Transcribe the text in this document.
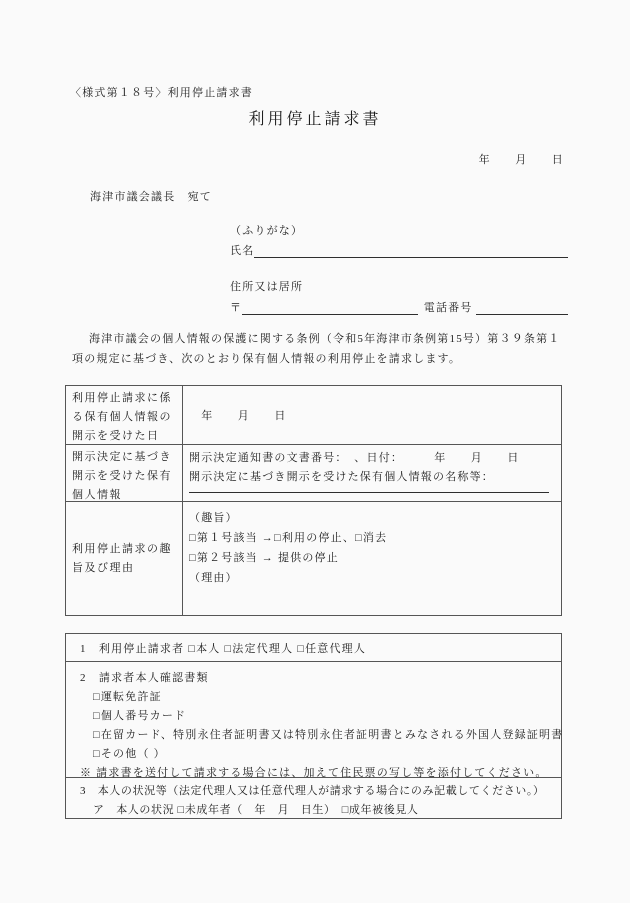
〈様式第１８号〉利用停止請求書
利用停止請求書
年　　月　　日
海津市議会議長　宛て
（ふりがな）
氏名
住所又は居所
〒	電話番号
海津市議会の個人情報の保護に関する条例（令和5年海津市条例第15号）第３９条第１
項の規定に基づき、次のとおり保有個人情報の利用停止を請求します。
利用停止請求に係る保有個人情報の開示を受けた日
　年　　月　　日
開示決定に基づき開示を受けた保有個人情報
開示決定通知書の文書番号：　、日付：　　　年　　月　　日
開示決定に基づき開示を受けた保有個人情報の名称等：
利用停止請求の趣旨及び理由
（趣旨）
□第１号該当 →□利用の停止、□消去
□第２号該当 → 提供の停止
（理由）
1　利用停止請求者 □本人 □法定代理人 □任意代理人
2　請求者本人確認書類
□運転免許証
□個人番号カード
□在留カード、特別永住者証明書又は特別永住者証明書とみなされる外国人登録証明書
□その他（ ）
※ 請求書を送付して請求する場合には、加えて住民票の写し等を添付してください。
3　本人の状況等（法定代理人又は任意代理人が請求する場合にのみ記載してください。）
ア　本人の状況 □未成年者（　年　月　日生）　□成年被後見人
